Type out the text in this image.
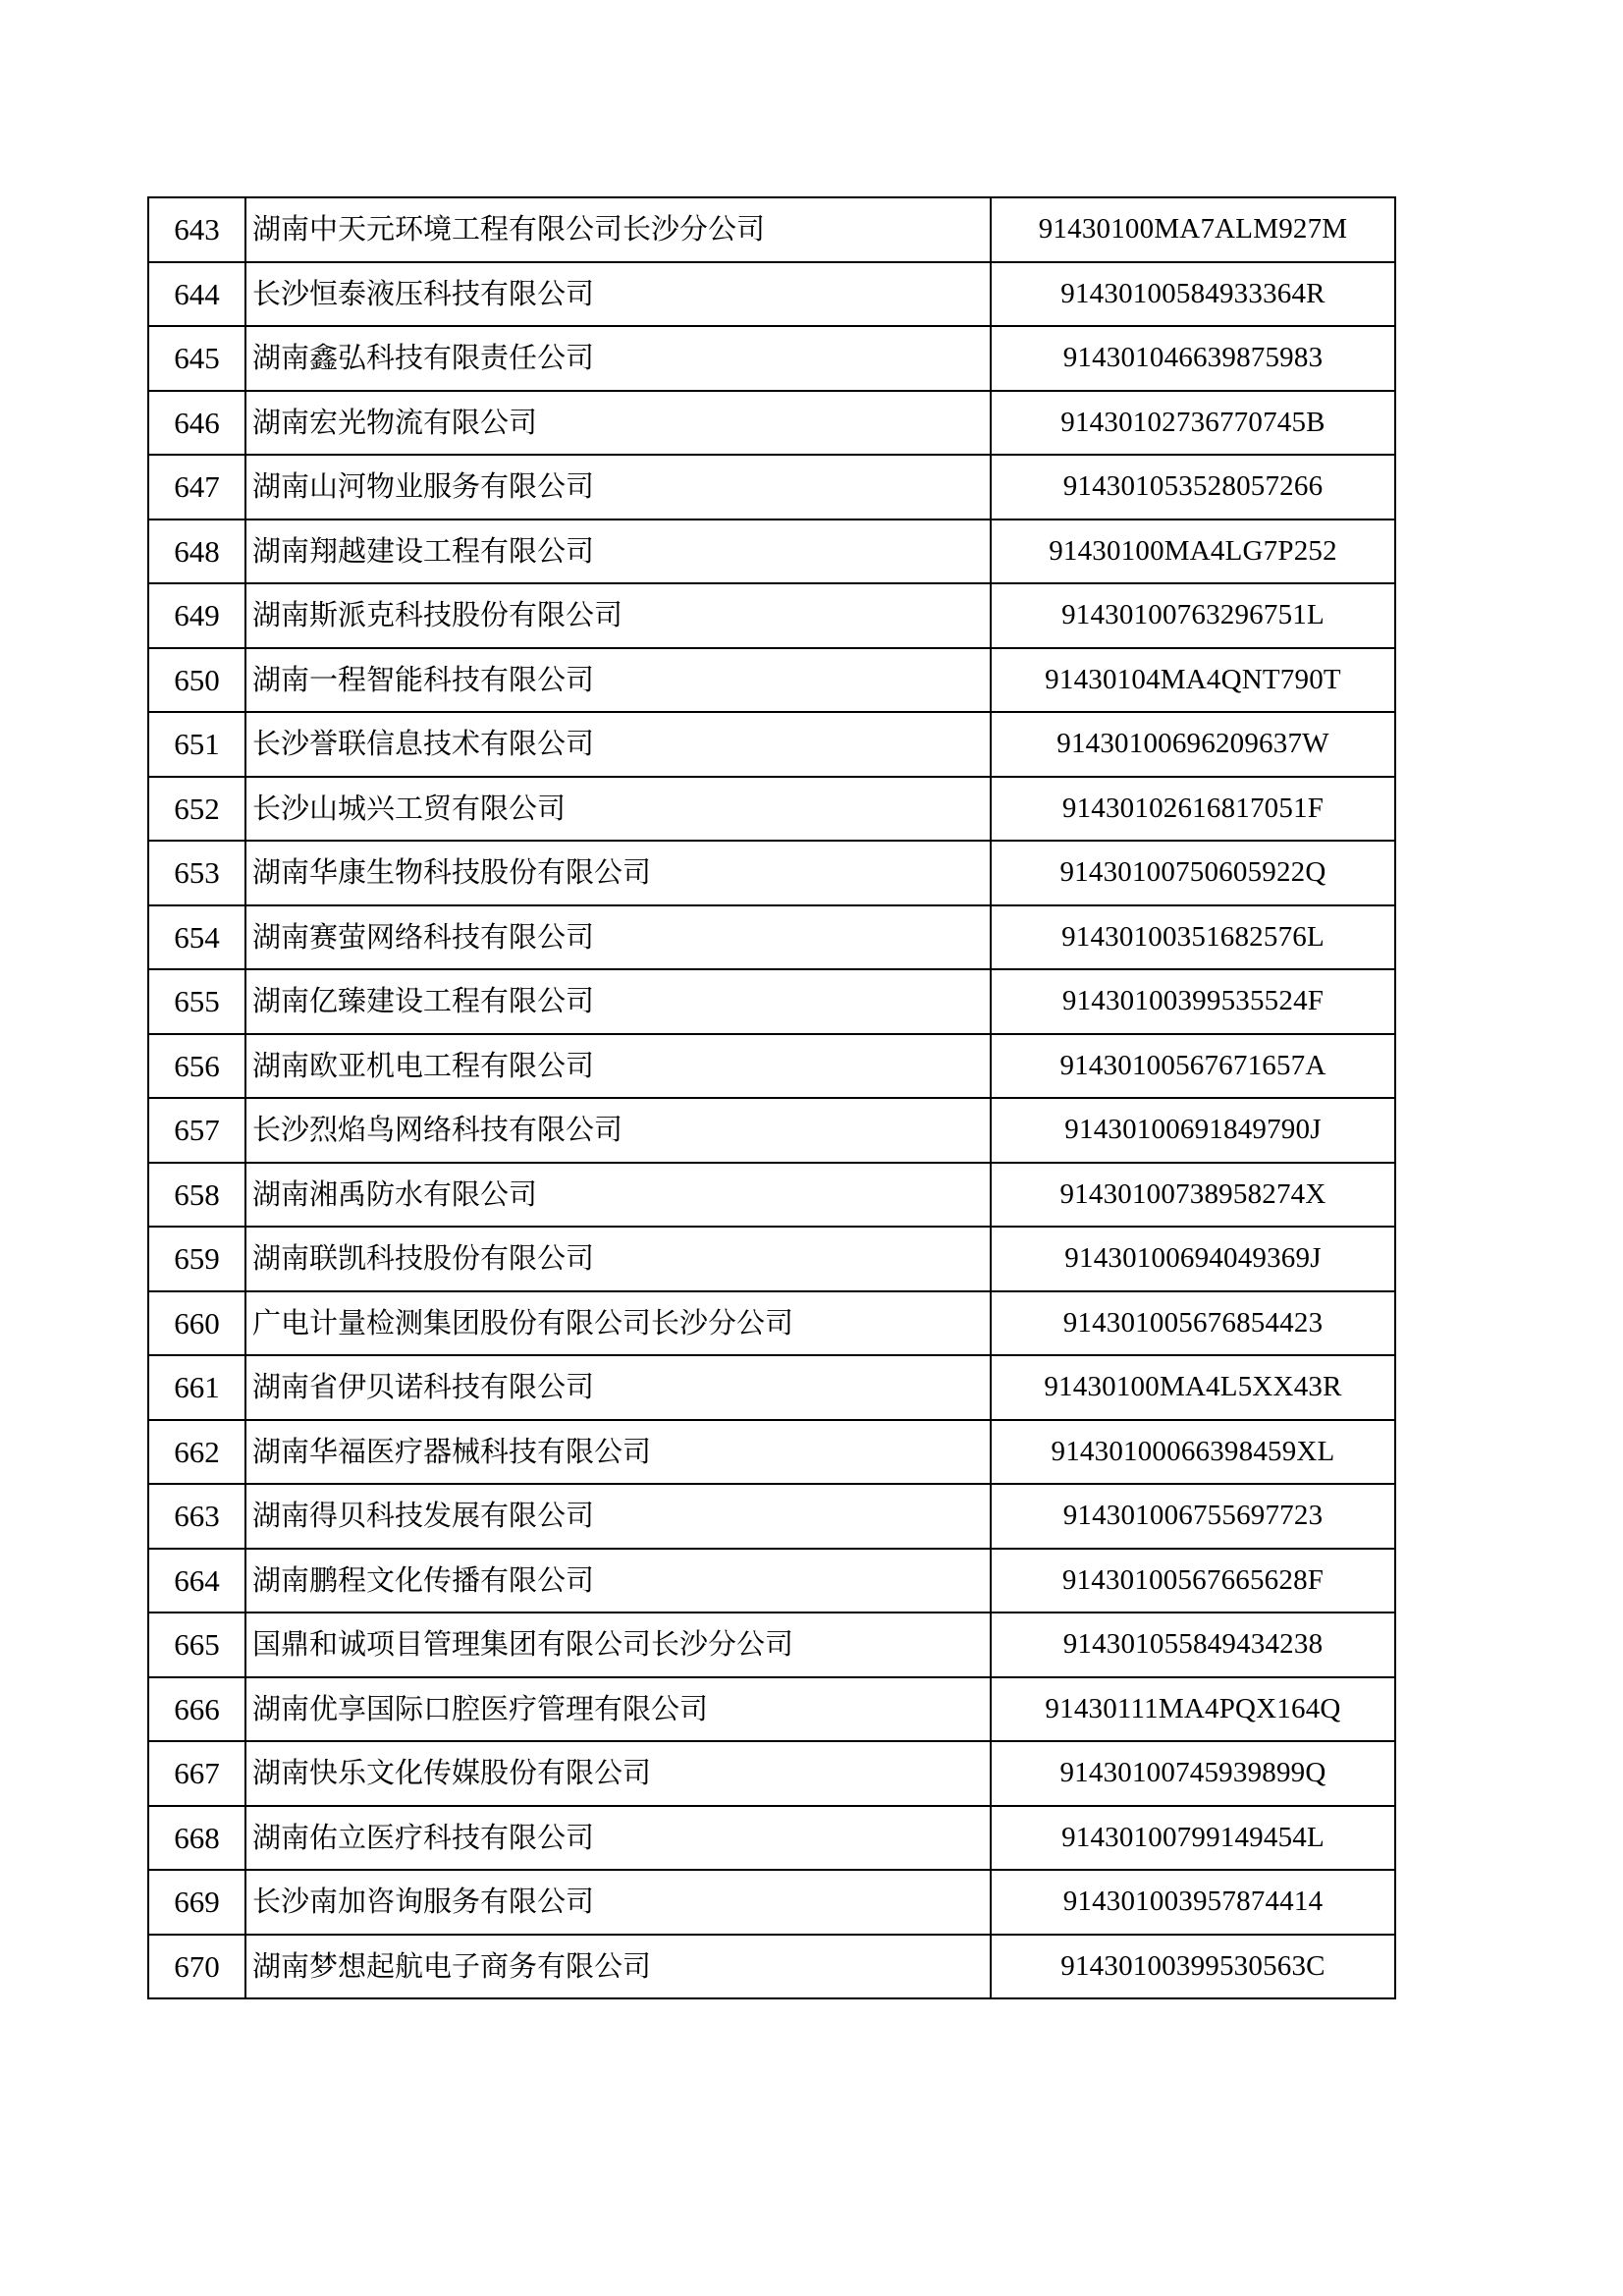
643	湖南中天元环境工程有限公司长沙分公司	91430100MA7ALM927M
644	长沙恒泰液压科技有限公司	91430100584933364R
645	湖南鑫弘科技有限责任公司	914301046639875983
646	湖南宏光物流有限公司	9143010273677074​5B
647	湖南山河物业服务有限公司	914301053528057266
648	湖南翔越建设工程有限公司	91430100MA4LG7P252
649	湖南斯派克科技股份有限公司	91430100763296751L
650	湖南一程智能科技有限公司	91430104MA4QNT790T
651	长沙誉联信息技术有限公司	91430100696209637W
652	长沙山城兴工贸有限公司	91430102616817051F
653	湖南华康生物科技股份有限公司	91430100750605922Q
654	湖南赛萤网络科技有限公司	91430100351682576L
655	湖南亿臻建设工程有限公司	91430100399535524F
656	湖南欧亚机电工程有限公司	91430100567671657A
657	长沙烈焰鸟网络科技有限公司	91430100691849790J
658	湖南湘禹防水有限公司	91430100738958274X
659	湖南联凯科技股份有限公司	91430100694049369J
660	广电计量检测集团股份有限公司长沙分公司	914301005676854423
661	湖南省伊贝诺科技有限公司	91430100MA4L5XX43R
662	湖南华福医疗器械科技有限公司	91430100066398459XL
663	湖南得贝科技发展有限公司	914301006755697723
664	湖南鹏程文化传播有限公司	91430100567665628F
665	国鼎和诚项目管理集团有限公司长沙分公司	914301055849434238
666	湖南优享国际口腔医疗管理有限公司	91430111MA4PQX164Q
667	湖南快乐文化传媒股份有限公司	91430100745939899Q
668	湖南佑立医疗科技有限公司	91430100799149454L
669	长沙南加咨询服务有限公司	914301003957874414
670	湖南梦想起航电子商务有限公司	91430100399530563C
